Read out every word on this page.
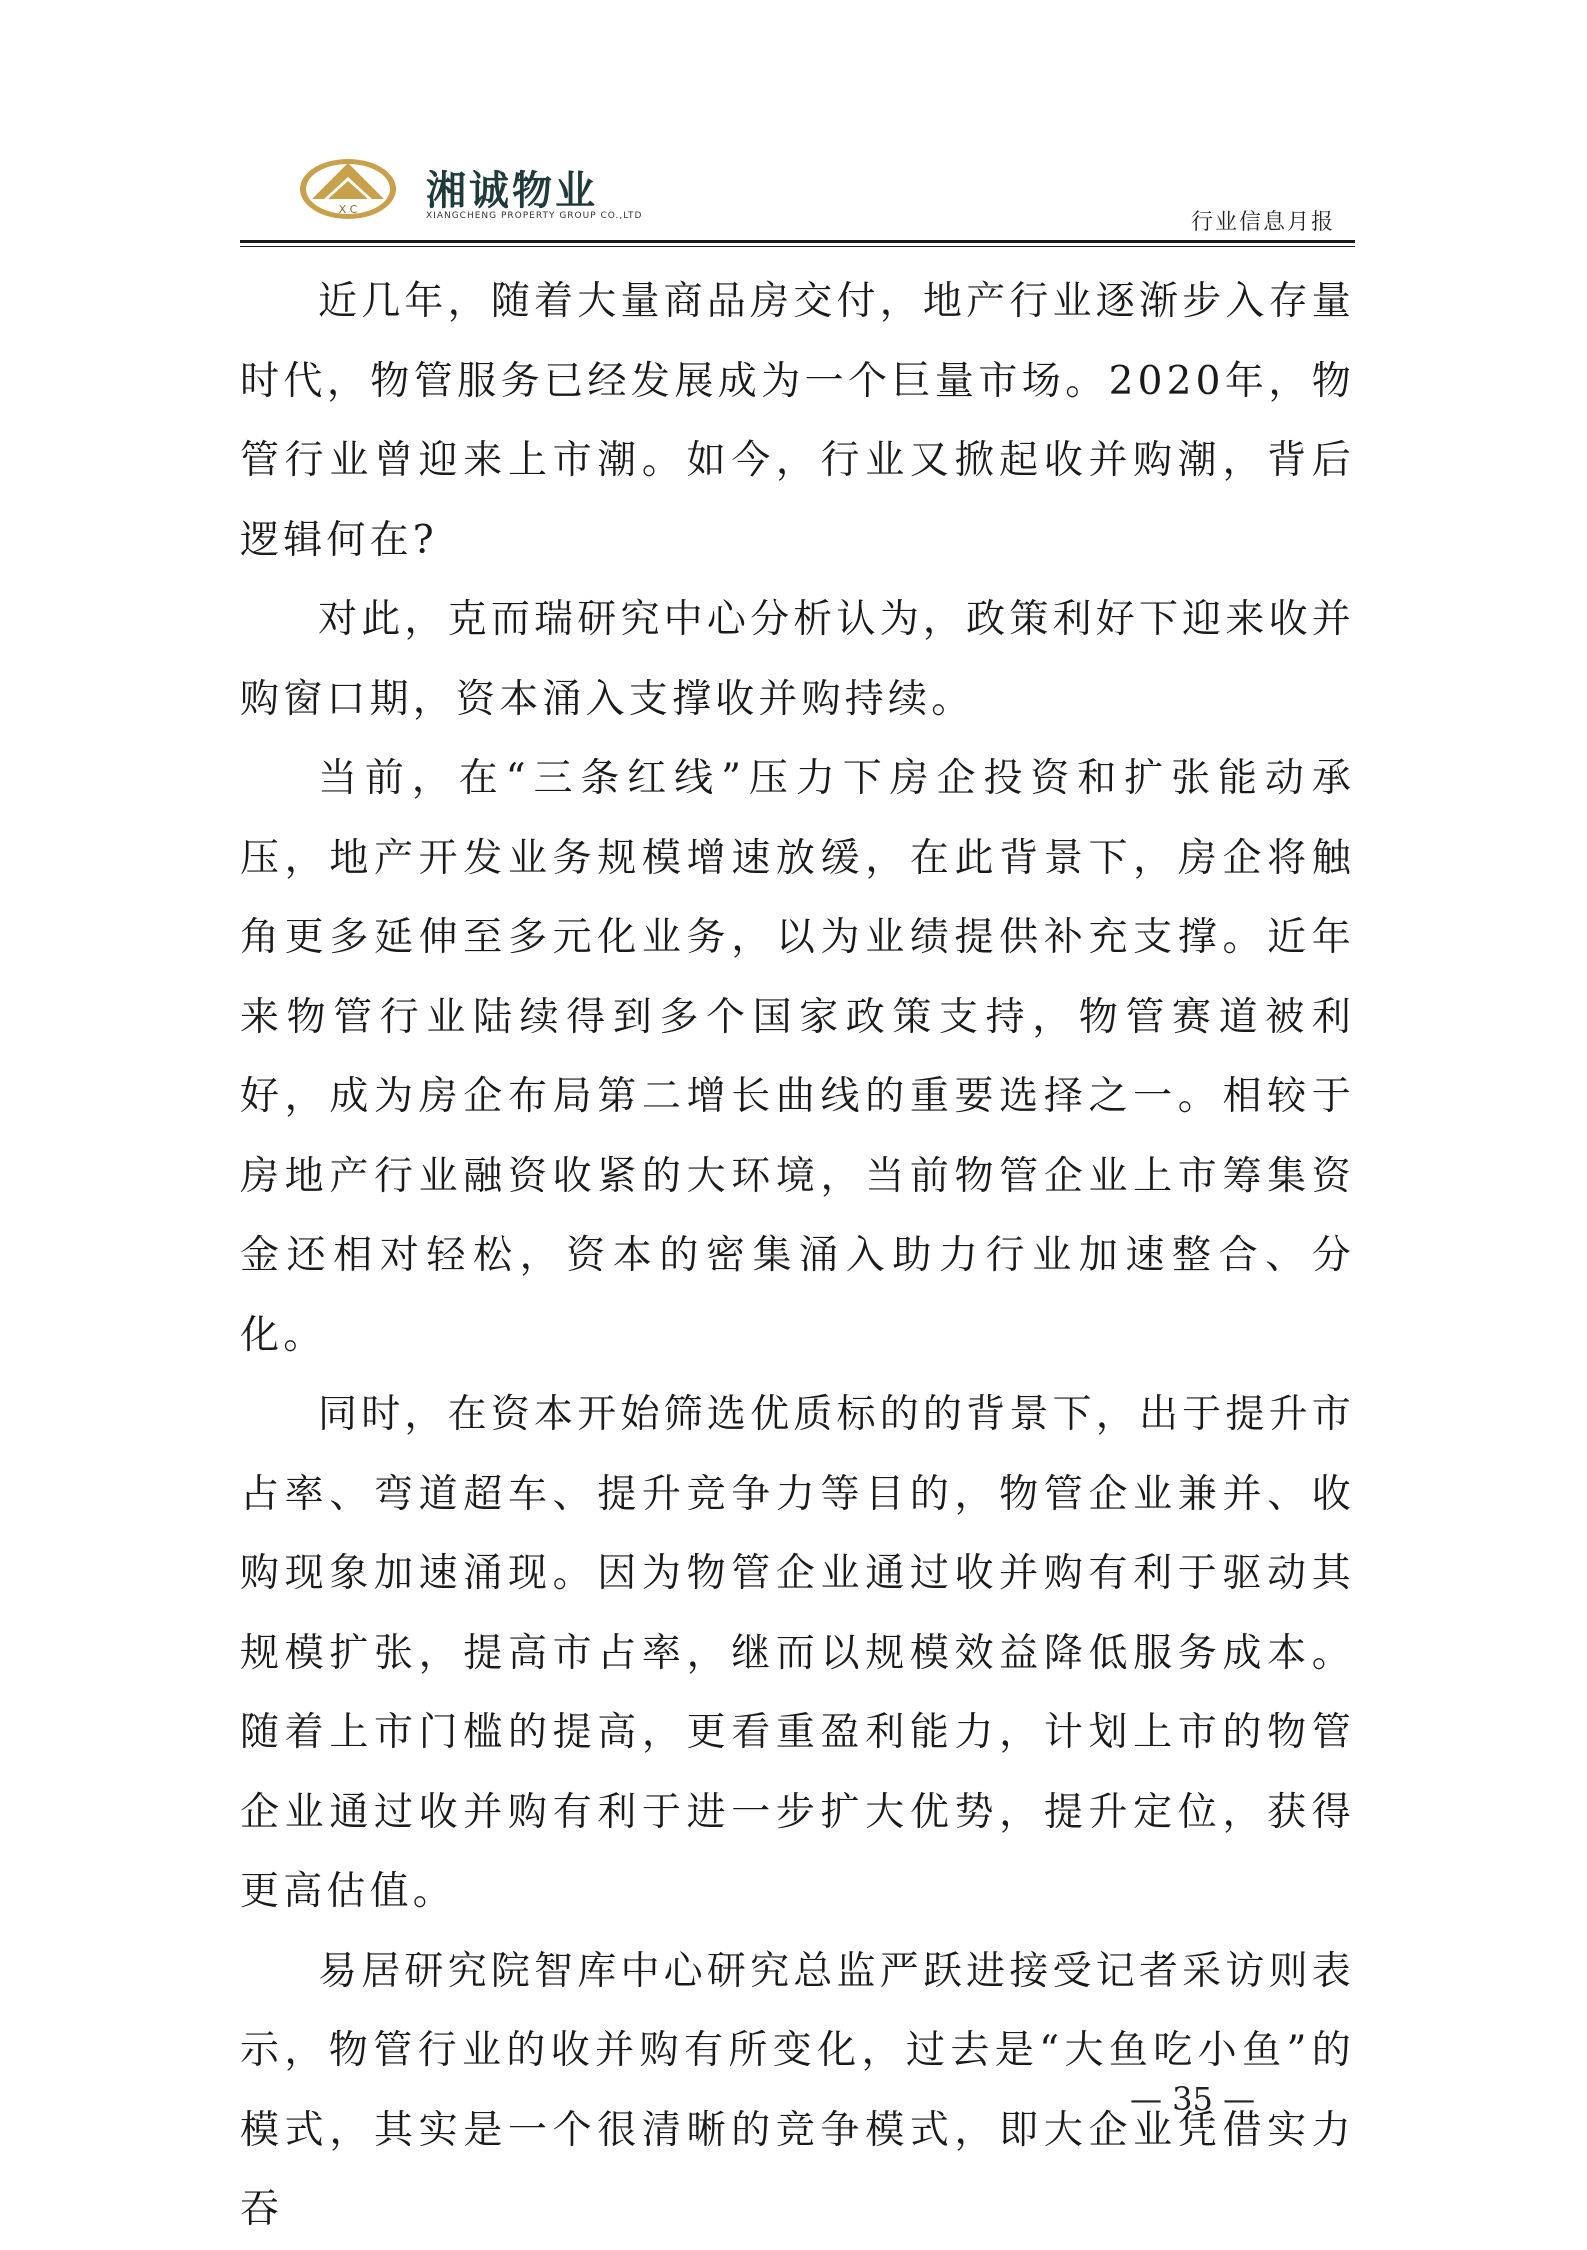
X C 湘诚物业
XIANGCHENG PROPERTY GROUP CO.,LTD	行业信息月报

近几年，随着大量商品房交付，地产行业逐渐步入存量时代，物管服务已经发展成为一个巨量市场。2020年，物管行业曾迎来上市潮。如今，行业又掀起收并购潮，背后逻辑何在?

对此，克而瑞研究中心分析认为，政策利好下迎来收并购窗口期，资本涌入支撑收并购持续。

当前，在“三条红线”压力下房企投资和扩张能动承压，地产开发业务规模增速放缓，在此背景下，房企将触角更多延伸至多元化业务，以为业绩提供补充支撑。近年来物管行业陆续得到多个国家政策支持，物管赛道被利好，成为房企布局第二增长曲线的重要选择之一。相较于房地产行业融资收紧的大环境，当前物管企业上市筹集资金还相对轻松，资本的密集涌入助力行业加速整合、分化。

同时，在资本开始筛选优质标的的背景下，出于提升市占率、弯道超车、提升竞争力等目的，物管企业兼并、收购现象加速涌现。因为物管企业通过收并购有利于驱动其规模扩张，提高市占率，继而以规模效益降低服务成本。随着上市门槛的提高，更看重盈利能力，计划上市的物管企业通过收并购有利于进一步扩大优势，提升定位，获得更高估值。

易居研究院智库中心研究总监严跃进接受记者采访则表示，物管行业的收并购有所变化，过去是“大鱼吃小鱼”的模式，其实是一个很清晰的竞争模式，即大企业凭借实力吞

— 35 —
